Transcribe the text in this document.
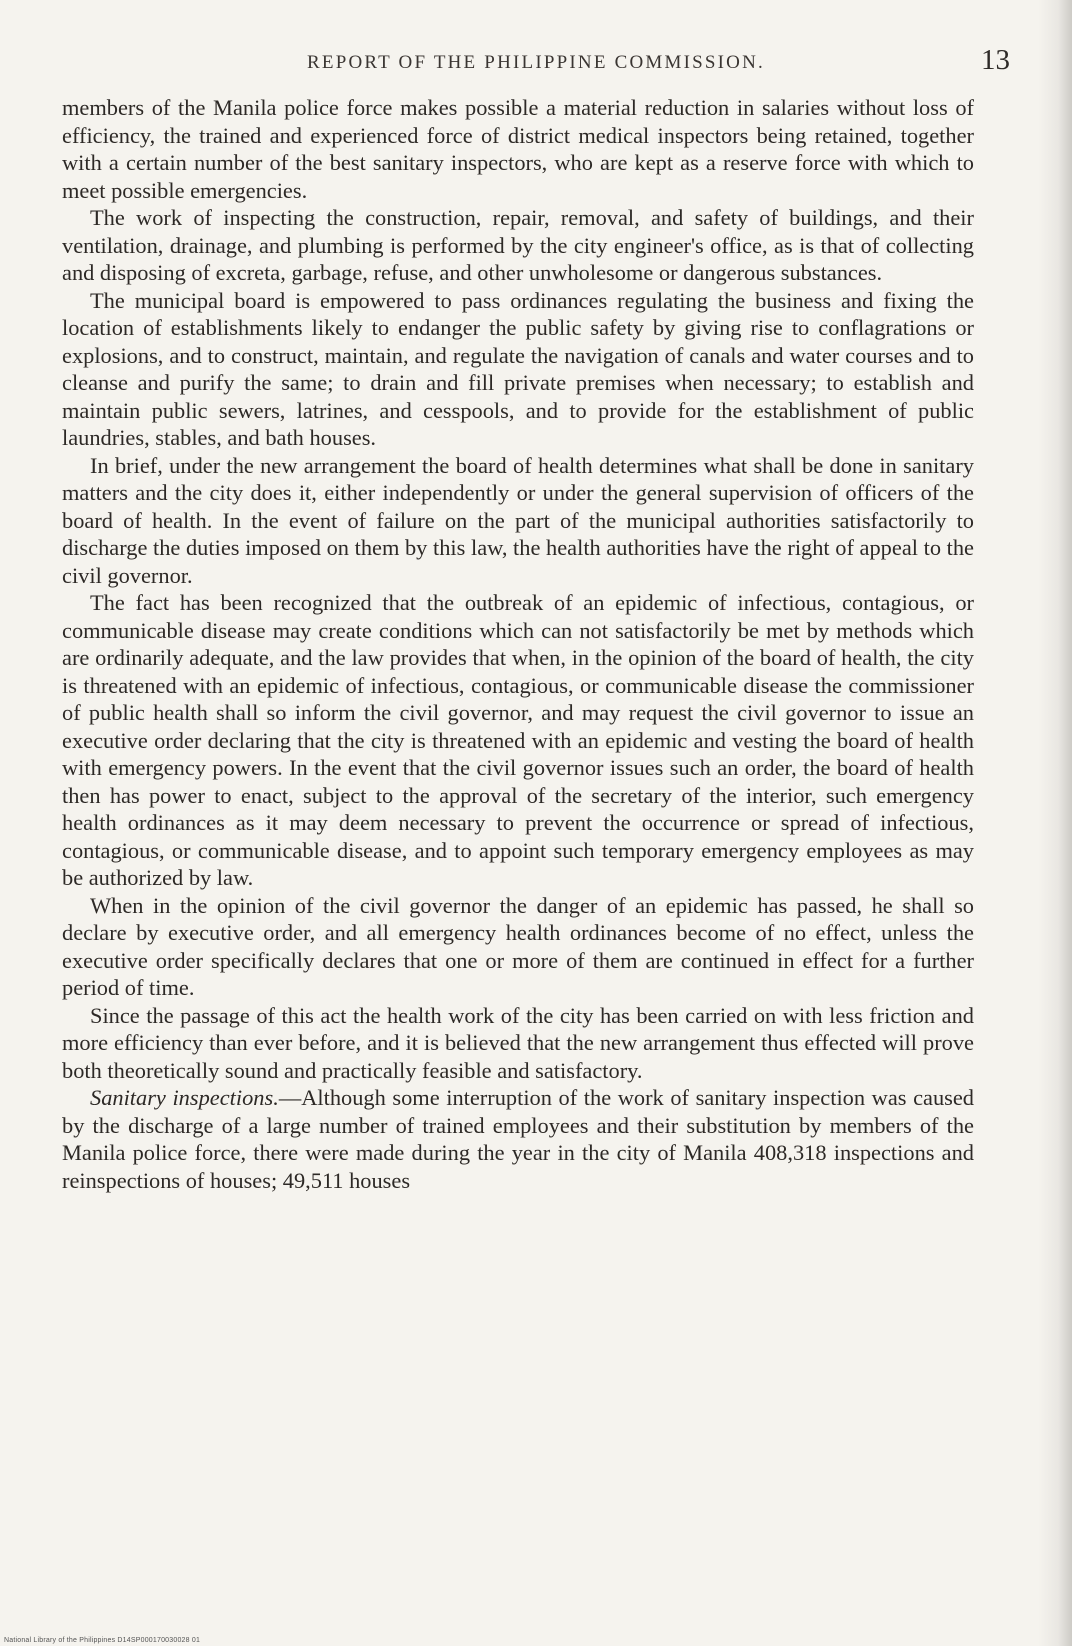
REPORT OF THE PHILIPPINE COMMISSION.	13

members of the Manila police force makes possible a material reduction in salaries without loss of efficiency, the trained and experienced force of district medical inspectors being retained, together with a certain number of the best sanitary inspectors, who are kept as a reserve force with which to meet possible emergencies.

The work of inspecting the construction, repair, removal, and safety of buildings, and their ventilation, drainage, and plumbing is performed by the city engineer's office, as is that of collecting and disposing of excreta, garbage, refuse, and other unwholesome or dangerous substances.

The municipal board is empowered to pass ordinances regulating the business and fixing the location of establishments likely to endanger the public safety by giving rise to conflagrations or explosions, and to construct, maintain, and regulate the navigation of canals and water courses and to cleanse and purify the same; to drain and fill private premises when necessary; to establish and maintain public sewers, latrines, and cesspools, and to provide for the establishment of public laundries, stables, and bath houses.

In brief, under the new arrangement the board of health determines what shall be done in sanitary matters and the city does it, either independently or under the general supervision of officers of the board of health. In the event of failure on the part of the municipal authorities satisfactorily to discharge the duties imposed on them by this law, the health authorities have the right of appeal to the civil governor.

The fact has been recognized that the outbreak of an epidemic of infectious, contagious, or communicable disease may create conditions which can not satisfactorily be met by methods which are ordinarily adequate, and the law provides that when, in the opinion of the board of health, the city is threatened with an epidemic of infectious, contagious, or communicable disease the commissioner of public health shall so inform the civil governor, and may request the civil governor to issue an executive order declaring that the city is threatened with an epidemic and vesting the board of health with emergency powers. In the event that the civil governor issues such an order, the board of health then has power to enact, subject to the approval of the secretary of the interior, such emergency health ordinances as it may deem necessary to prevent the occurrence or spread of infectious, contagious, or communicable disease, and to appoint such temporary emergency employees as may be authorized by law.

When in the opinion of the civil governor the danger of an epidemic has passed, he shall so declare by executive order, and all emergency health ordinances become of no effect, unless the executive order specifically declares that one or more of them are continued in effect for a further period of time.

Since the passage of this act the health work of the city has been carried on with less friction and more efficiency than ever before, and it is believed that the new arrangement thus effected will prove both theoretically sound and practically feasible and satisfactory.

Sanitary inspections.—Although some interruption of the work of sanitary inspection was caused by the discharge of a large number of trained employees and their substitution by members of the Manila police force, there were made during the year in the city of Manila 408,318 inspections and reinspections of houses; 49,511 houses

National Library of the Philippines D14SP000170030028 01
